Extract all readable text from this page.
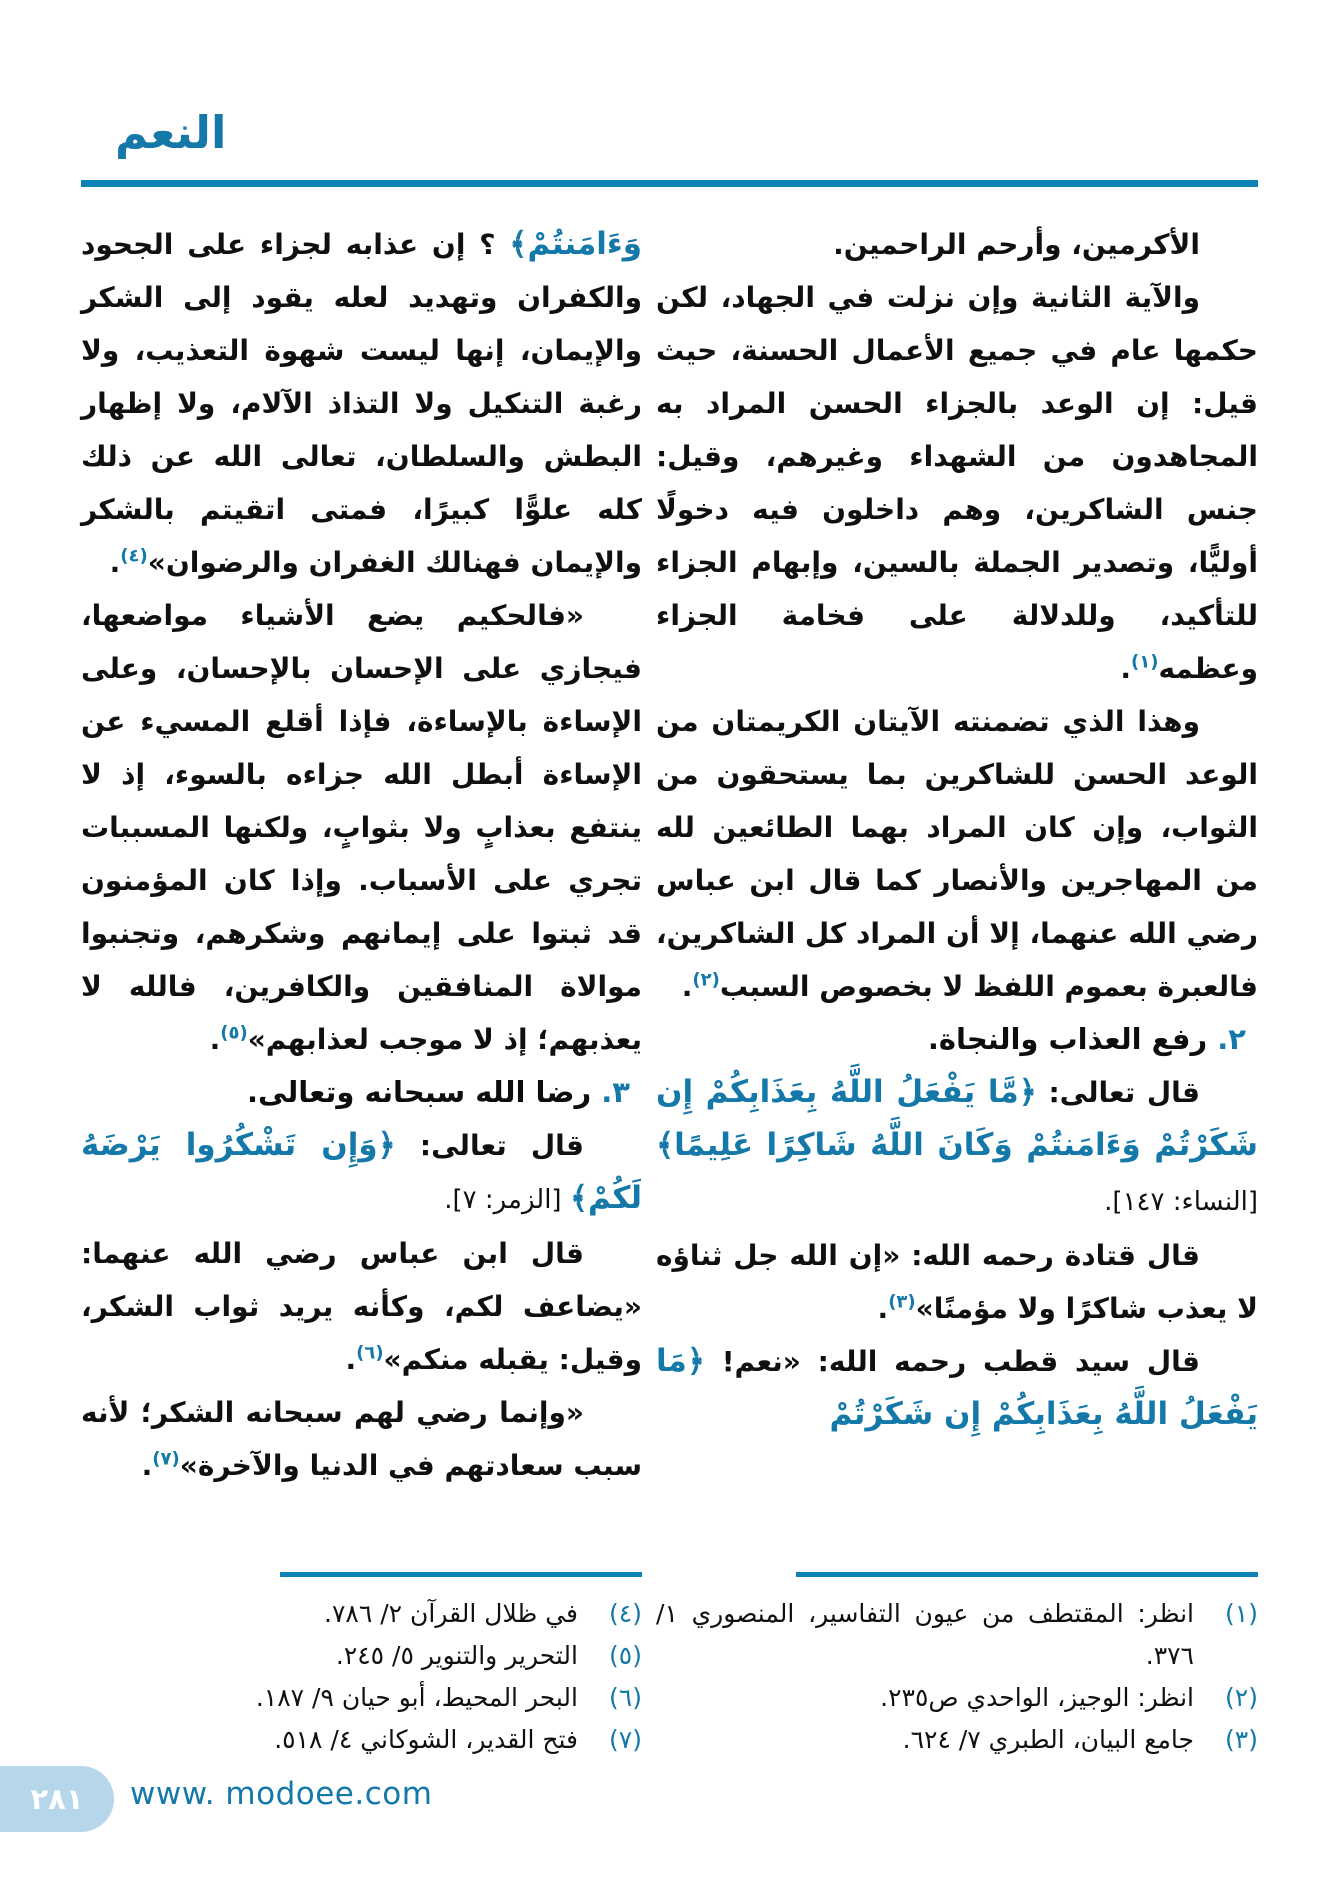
النعم

الأكرمين، وأرحم الراحمين.

والآية الثانية وإن نزلت في الجهاد، لكن حكمها عام في جميع الأعمال الحسنة، حيث قيل: إن الوعد بالجزاء الحسن المراد به المجاهدون من الشهداء وغيرهم، وقيل: جنس الشاكرين، وهم داخلون فيه دخولًا أوليًّا، وتصدير الجملة بالسين، وإبهام الجزاء للتأكيد، وللدلالة على فخامة الجزاء وعظمه$^{(١)}$.

وهذا الذي تضمنته الآيتان الكريمتان من الوعد الحسن للشاكرين بما يستحقون من الثواب، وإن كان المراد بهما الطائعين لله من المهاجرين والأنصار كما قال ابن عباس رضي الله عنهما، إلا أن المراد كل الشاكرين، فالعبرة بعموم اللفظ لا بخصوص السبب$^{(٢)}$.

٢. رفع العذاب والنجاة.

قال تعالى: ﴿مَّا يَفْعَلُ اللَّهُ بِعَذَابِكُمْ إِن شَكَرْتُمْ وَءَامَنتُمْ وَكَانَ اللَّهُ شَاكِرًا عَلِيمًا﴾ [النساء: ١٤٧].

قال قتادة رحمه الله: «إن الله جل ثناؤه لا يعذب شاكرًا ولا مؤمنًا»$^{(٣)}$.

قال سيد قطب رحمه الله: «نعم! ﴿مَا يَفْعَلُ اللَّهُ بِعَذَابِكُمْ إِن شَكَرْتُمْ

وَءَامَنتُمْ﴾ ؟ إن عذابه لجزاء على الجحود والكفران وتهديد لعله يقود إلى الشكر والإيمان، إنها ليست شهوة التعذيب، ولا رغبة التنكيل ولا التذاذ الآلام، ولا إظهار البطش والسلطان، تعالى الله عن ذلك كله علوًّا كبيرًا، فمتى اتقيتم بالشكر والإيمان فهنالك الغفران والرضوان»$^{(٤)}$.

«فالحكيم يضع الأشياء مواضعها، فيجازي على الإحسان بالإحسان، وعلى الإساءة بالإساءة، فإذا أقلع المسيء عن الإساءة أبطل الله جزاءه بالسوء، إذ لا ينتفع بعذابٍ ولا بثوابٍ، ولكنها المسببات تجري على الأسباب. وإذا كان المؤمنون قد ثبتوا على إيمانهم وشكرهم، وتجنبوا موالاة المنافقين والكافرين، فالله لا يعذبهم؛ إذ لا موجب لعذابهم»$^{(٥)}$.

٣. رضا الله سبحانه وتعالى.

قال تعالى: ﴿وَإِن تَشْكُرُوا يَرْضَهُ لَكُمْ﴾ [الزمر: ٧].

قال ابن عباس رضي الله عنهما: «يضاعف لكم، وكأنه يريد ثواب الشكر، وقيل: يقبله منكم»$^{(٦)}$.

«وإنما رضي لهم سبحانه الشكر؛ لأنه سبب سعادتهم في الدنيا والآخرة»$^{(٧)}$.

(١)
انظر: المقتطف من عيون التفاسير، المنصوري ١/ ٣٧٦.
(٢)
انظر: الوجيز، الواحدي ص٢٣٥.
(٣)
جامع البيان، الطبري ٧/ ٦٢٤.
(٤)
في ظلال القرآن ٢/ ٧٨٦.
(٥)
التحرير والتنوير ٥/ ٢٤٥.
(٦)
البحر المحيط، أبو حيان ٩/ ١٨٧.
(٧)
فتح القدير، الشوكاني ٤/ ٥١٨.
٢٨١	www. modoee.com
